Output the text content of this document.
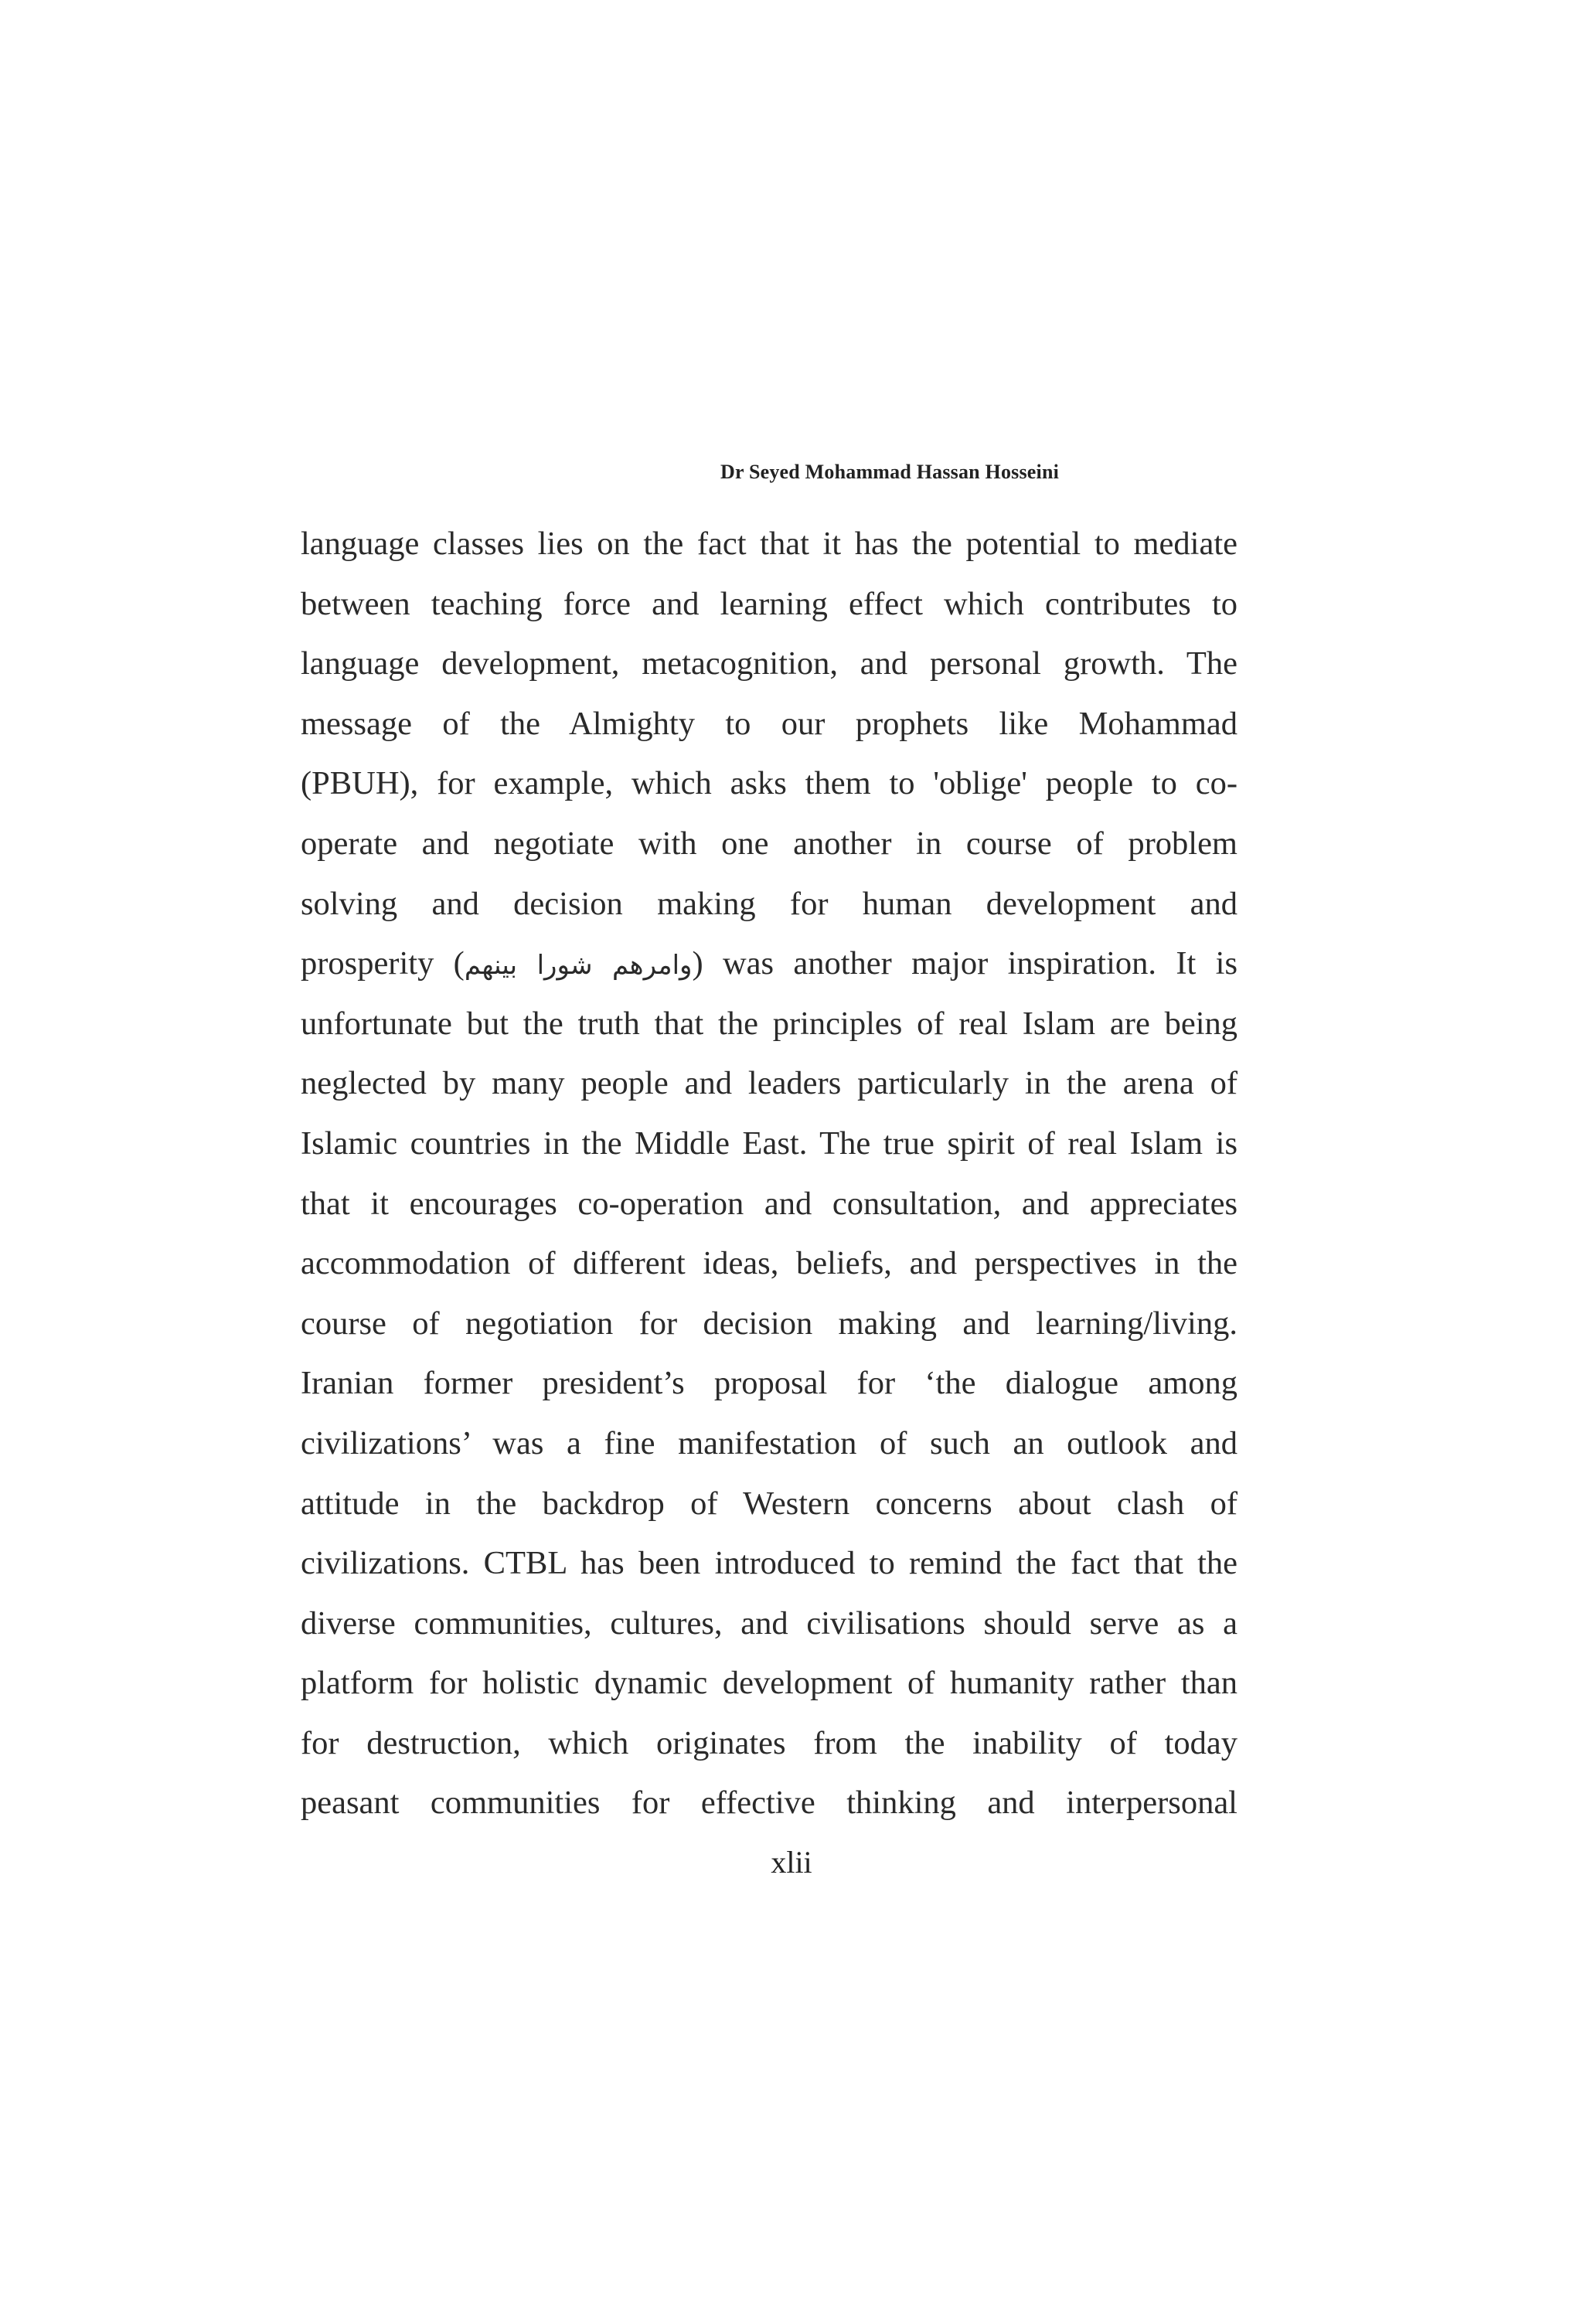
Dr Seyed Mohammad Hassan Hosseini
language classes lies on the fact that it has the potential to mediate
between teaching force and learning effect which contributes to
language development, metacognition, and personal growth. The
message of the Almighty to our prophets like Mohammad
(PBUH), for example, which asks them to 'oblige' people to co-
operate and negotiate with one another in course of problem
solving and decision making for human development and
prosperity (وامرهم شورا بينهم) was another major inspiration. It is
unfortunate but the truth that the principles of real Islam are being
neglected by many people and leaders particularly in the arena of
Islamic countries in the Middle East. The true spirit of real Islam is
that it encourages co-operation and consultation, and appreciates
accommodation of different ideas, beliefs, and perspectives in the
course of negotiation for decision making and learning/living.
Iranian former president’s proposal for ‘the dialogue among
civilizations’ was a fine manifestation of such an outlook and
attitude in the backdrop of Western concerns about clash of
civilizations. CTBL has been introduced to remind the fact that the
diverse communities, cultures, and civilisations should serve as a
platform for holistic dynamic development of humanity rather than
for destruction, which originates from the inability of today
peasant communities for effective thinking and interpersonal
xlii
